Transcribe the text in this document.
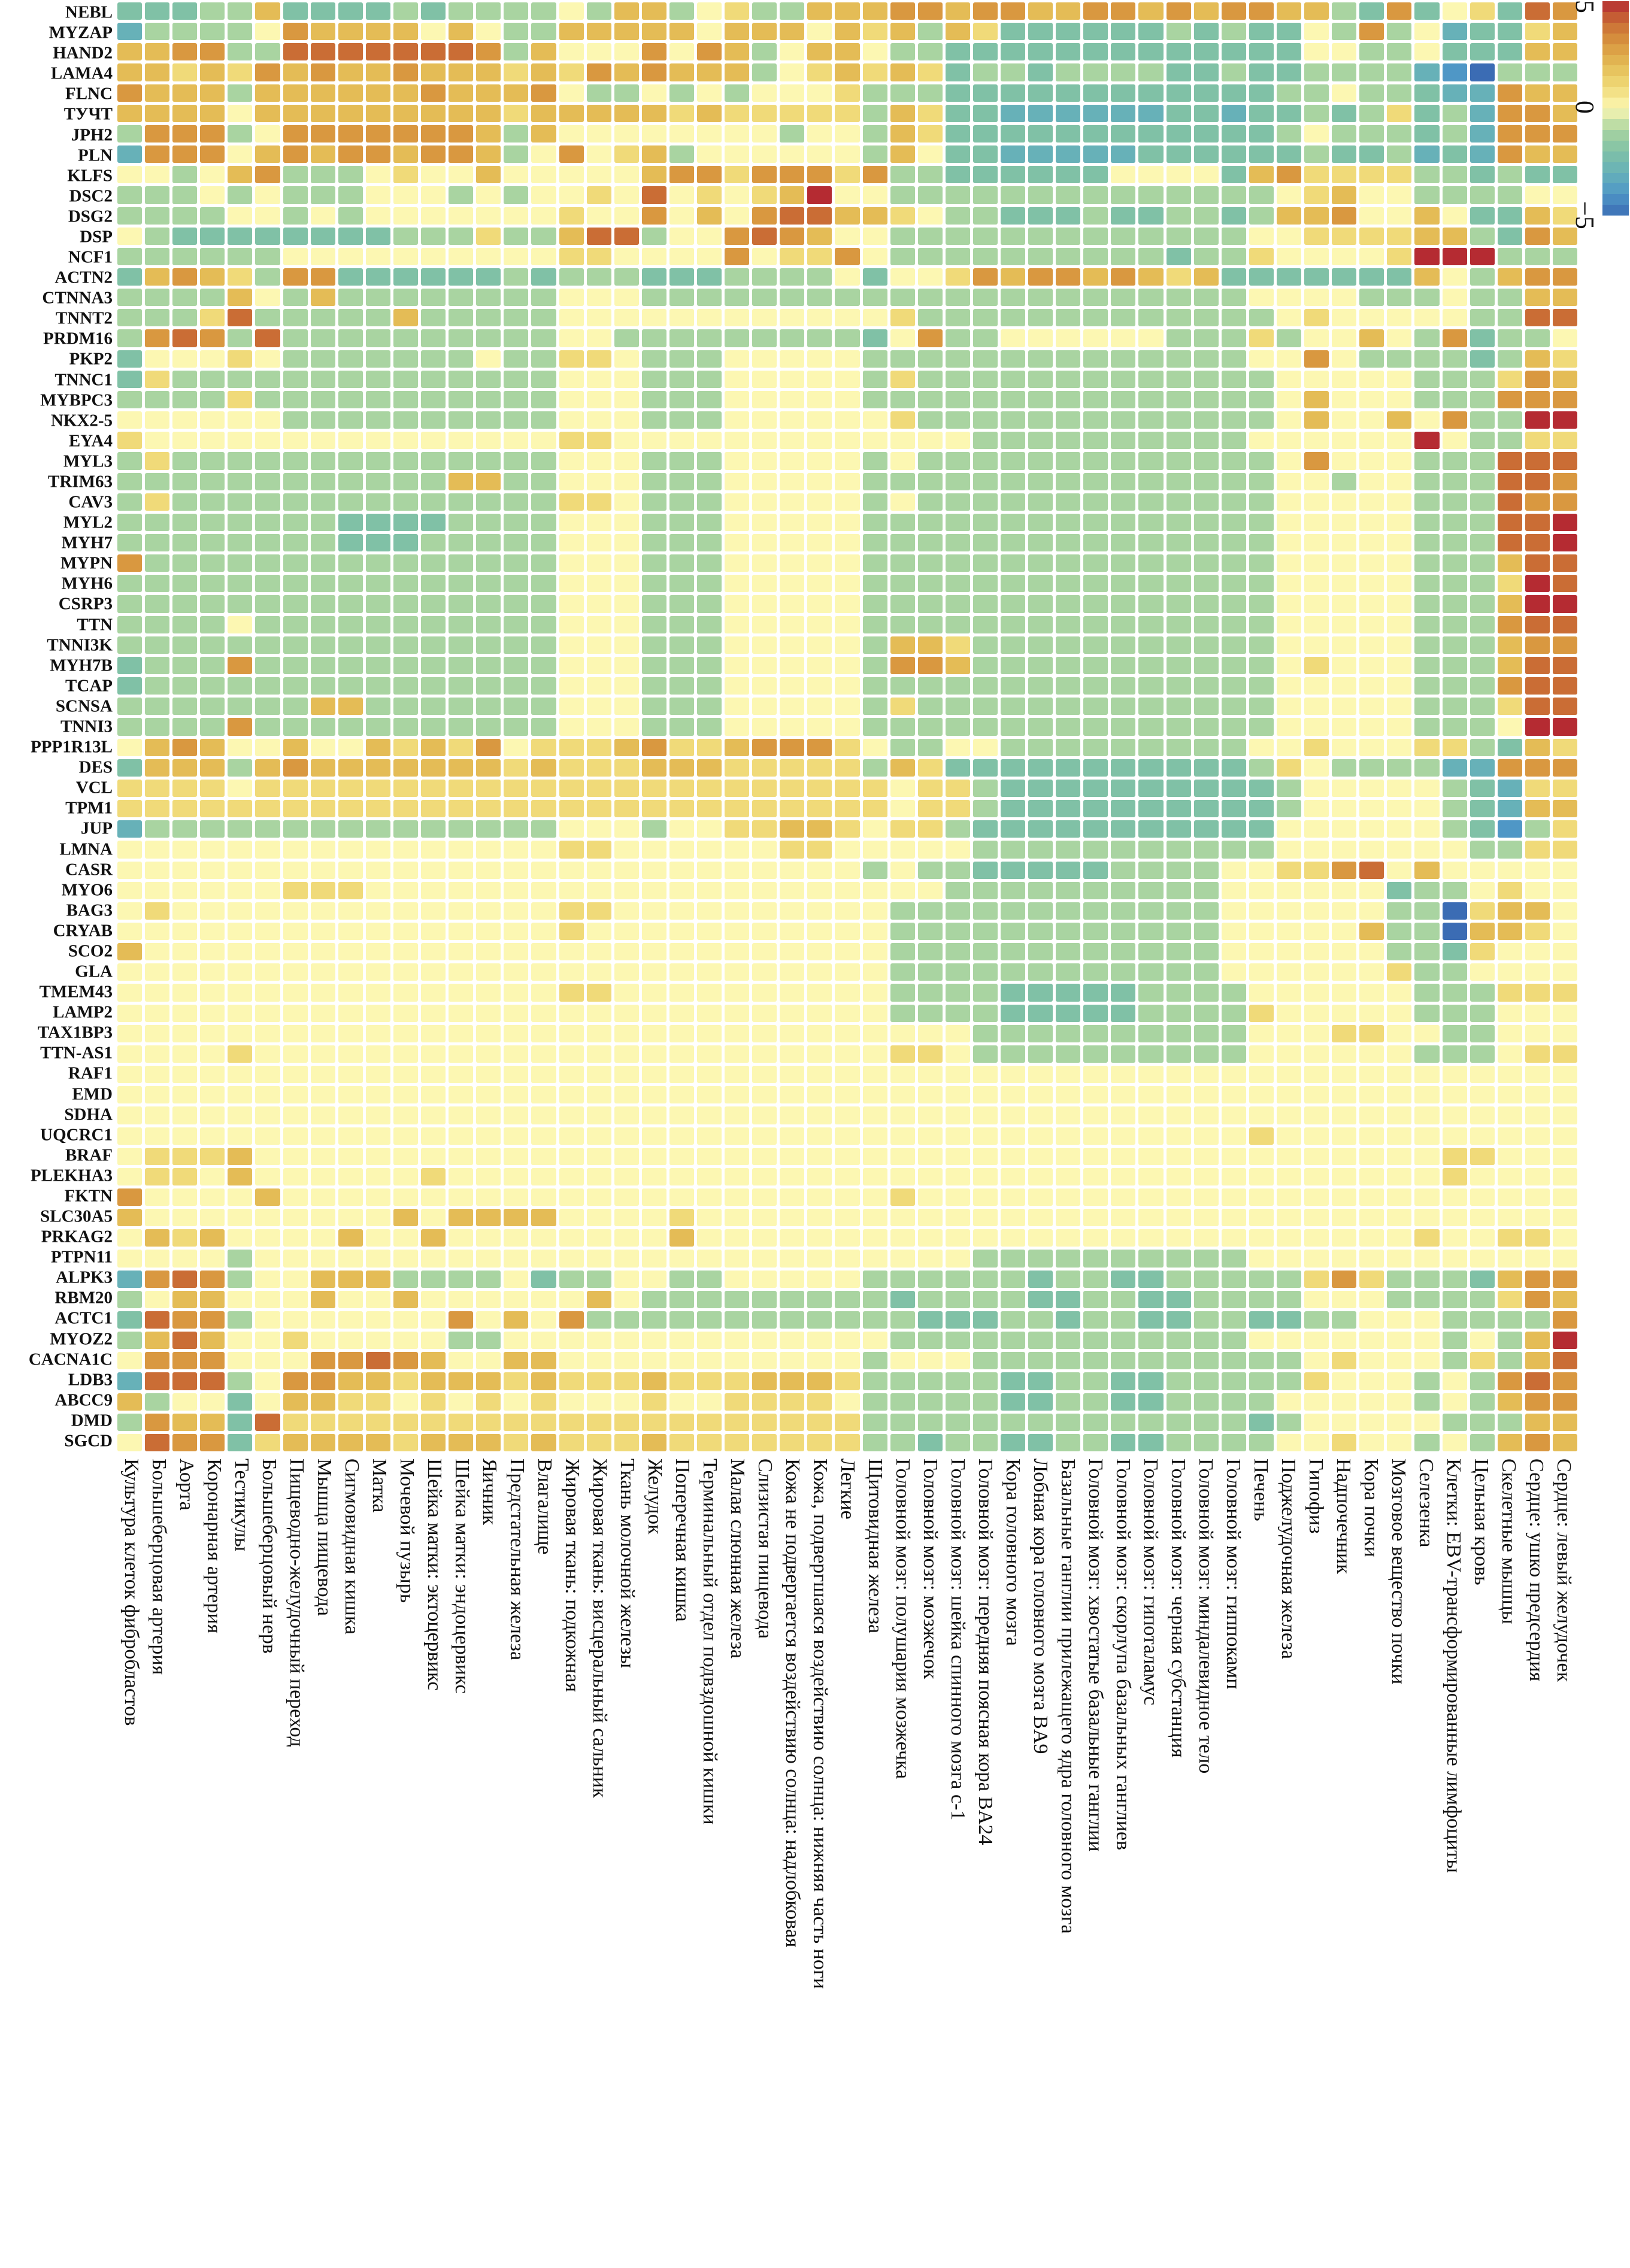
NEBL
MYZAP
HAND2
LAMA4
FLNC
ТУЧТ
JPH2
PLN
KLFS
DSC2
DSG2
DSP
NCF1
ACTN2
CTNNA3
TNNT2
PRDM16
PKP2
TNNC1
MYBPC3
NKX2-5
EYA4
MYL3
TRIM63
CAV3
MYL2
MYH7
MYPN
MYH6
CSRP3
TTN
TNNI3K
MYH7B
TCAP
SCNSA
TNNI3
PPP1R13L
DES
VCL
TPM1
JUP
LMNA
CASR
MYO6
BAG3
CRYAB
SCO2
GLA
TMEM43
LAMP2
TAX1BP3
TTN-AS1
RAF1
EMD
SDHA
UQCRC1
BRAF
PLEKHA3
FKTN
SLC30A5
PRKAG2
PTPN11
ALPK3
RBM20
ACTC1
MYOZ2
CACNA1C
LDB3
ABCC9
DMD
SGCD
Культура клеток фибробластов Большеберцовая артерия Аорта Коронарная артерия Тестикулы Большеберцовый нерв Пищеводно-желудочный переход Мышца пищевода Сигмовидная кишка Матка Мочевой пузырь Шейка матки: эктоцервикс Шейка матки: эндоцервикс Яичник Предстательная железа Влагалище Жировая ткань: подкожная Жировая ткань: висцеральный сальник Ткань молочной железы Желудок Поперечная кишка Терминальный отдел подвздошной кишки Малая слюнная железа Слизистая пищевода Кожа не подвергается воздействию солнца: надлобковая Кожа, подвергшаяся воздействию солнца: нижняя часть ноги Легкие Щитовидная железа Головной мозг: полушария мозжечка Головной мозг: мозжечок Головной мозг: шейка спинного мозга с-1 Головной мозг: передняя поясная кора BA24 Кора головного мозга Лобная кора головного мозга BA9 Базальные ганглии прилежащего ядра головного мозга Головной мозг: хвостатые базальные ганглии Головной мозг: скорлупа базальных ганглиев Головной мозг: гипоталамус Головной мозг: черная субстанция Головной мозг: миндалевидное тело Головной мозг: гиппокамп Печень Поджелудочная железа Гипофиз Надпочечник Кора почки Мозговое вещество почки Селезенка Клетки: EBV-трансформированные лимфоциты Цельная кровь Скелетные мышцы Сердце: ушко предсердия Сердце: левый желудочек
5
0
−5
